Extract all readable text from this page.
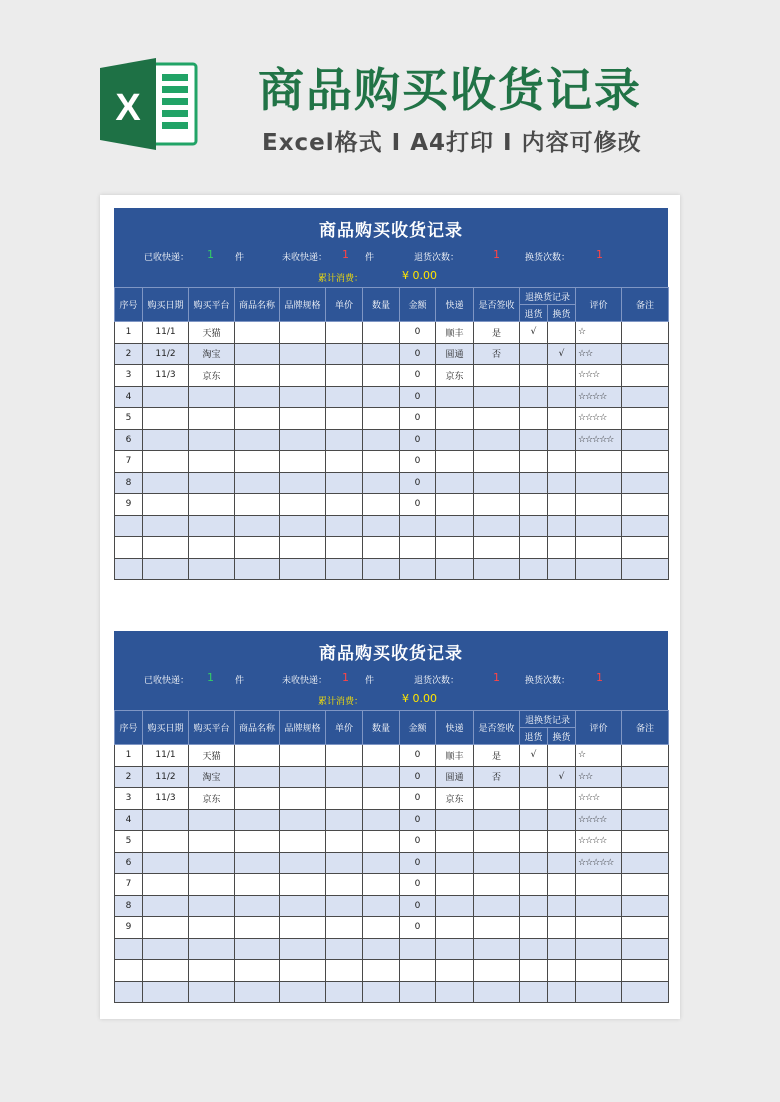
X	商品购买收货记录
Excel格式 I A4打印 I 内容可修改
商品购买收货记录
已收快递： 1 件	未收快递： 1 件	退货次数：	1	换货次数： 1
累计消费：	¥ 0.00
序号	购买日期	购买平台	商品名称	品牌规格	单价	数量	金额	快递	是否签收	退换货记录		评价	备注
										退货	换货		
1	11/1	天猫					0	顺丰	是	√		☆	
2	11/2	淘宝					0	圆通	否		√	☆☆	
3	11/3	京东					0	京东				☆☆☆	
4							0					☆☆☆☆	
5							0					☆☆☆☆	
6							0					☆☆☆☆☆	
7							0						
8							0						
9							0						

商品购买收货记录
已收快递： 1 件	未收快递： 1 件	退货次数：	1	换货次数： 1
累计消费：	¥ 0.00
序号	购买日期	购买平台	商品名称	品牌规格	单价	数量	金额	快递	是否签收	退换货记录		评价	备注
										退货	换货		
1	11/1	天猫					0	顺丰	是	√		☆	
2	11/2	淘宝					0	圆通	否		√	☆☆	
3	11/3	京东					0	京东				☆☆☆	
4							0					☆☆☆☆	
5							0					☆☆☆☆	
6							0					☆☆☆☆☆	
7							0						
8							0						
9							0						
